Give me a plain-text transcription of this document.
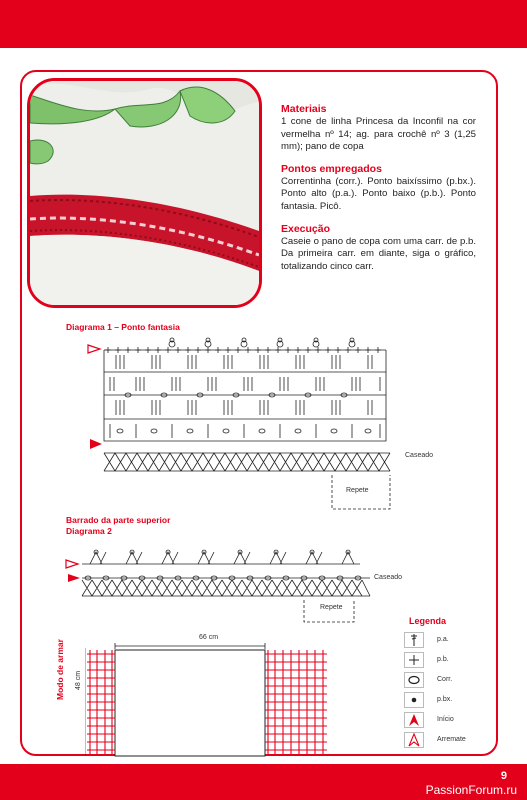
Materiais

1 cone de linha Princesa da Inconfil na cor vermelha nº 14; ag. para crochê nº 3 (1,25 mm); pano de copa

Pontos empregados

Correntinha (corr.). Ponto baixíssimo (p.bx.). Ponto alto (p.a.). Ponto baixo (p.b.). Ponto fantasia. Picô.

Execução

Caseie o pano de copa com uma carr. de p.b. Da primeira carr. em diante, siga o gráfico, totalizando cinco carr.

Diagrama 1 – Ponto fantasia
Caseado
Repete
Barrado da parte superior
Diagrama 2
Caseado
Repete
Modo de armar 48 cm
66 cm
Legenda
p.a.
p.b.
Corr.
p.bx.
Início
Arremate
9
PassionForum.ru
